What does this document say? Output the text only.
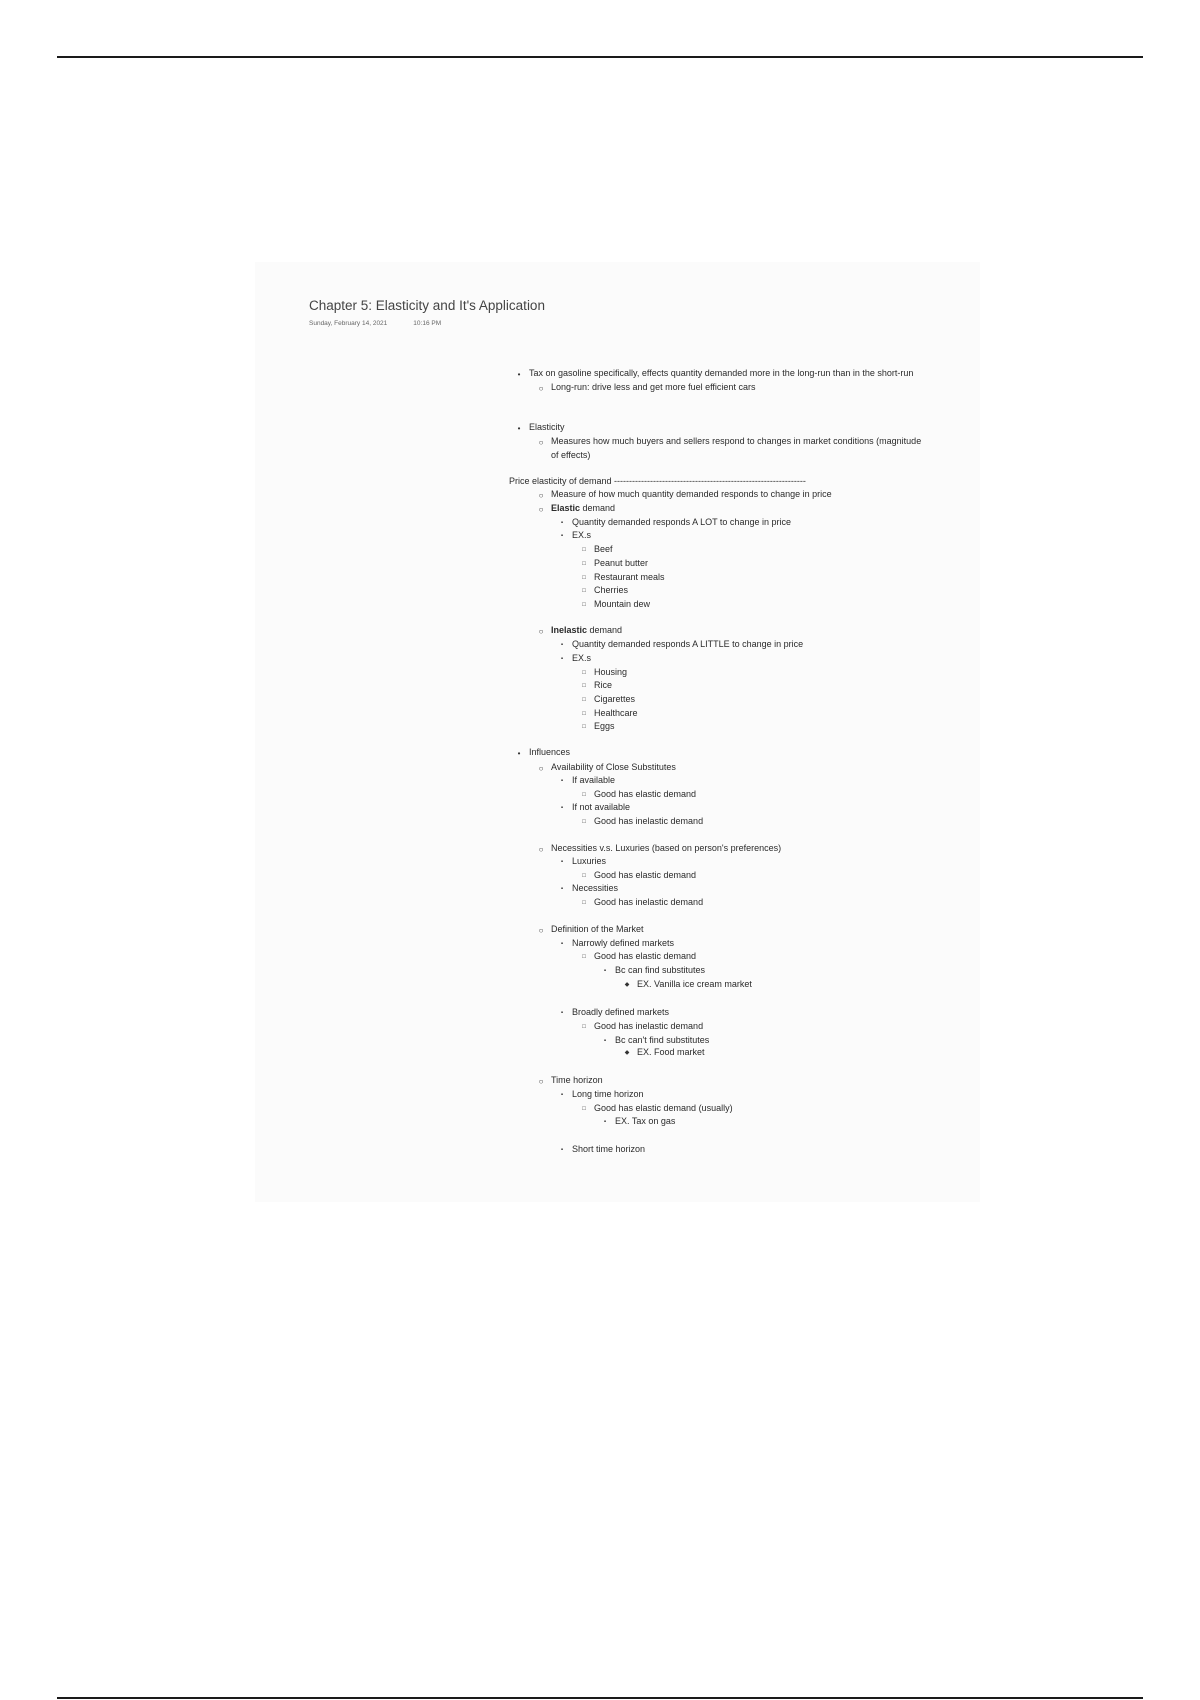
Chapter 5: Elasticity and It's Application
Sunday, February 14, 2021	10:16 PM
• Tax on gasoline specifically, effects quantity demanded more in the long-run than in the short-run
○ Long-run: drive less and get more fuel efficient cars
• Elasticity
○ Measures how much buyers and sellers respond to changes in market conditions (magnitude
of effects)
Price elasticity of demand ----------------------------------------------------------------
○ Measure of how much quantity demanded responds to change in price
○ Elastic demand
▪ Quantity demanded responds A LOT to change in price
▪ EX.s
□ Beef
□ Peanut butter
□ Restaurant meals
□ Cherries
□ Mountain dew
○ Inelastic demand
▪ Quantity demanded responds A LITTLE to change in price
▪ EX.s
□ Housing
□ Rice
□ Cigarettes
□ Healthcare
□ Eggs
• Influences
○ Availability of Close Substitutes
▪ If available
□ Good has elastic demand
▪ If not available
□ Good has inelastic demand
○ Necessities v.s. Luxuries (based on person's preferences)
▪ Luxuries
□ Good has elastic demand
▪ Necessities
□ Good has inelastic demand
○ Definition of the Market
▪ Narrowly defined markets
□ Good has elastic demand
▪ Bc can find substitutes
◆ EX. Vanilla ice cream market
▪ Broadly defined markets
□ Good has inelastic demand
▪ Bc can't find substitutes
◆ EX. Food market
○ Time horizon
▪ Long time horizon
□ Good has elastic demand (usually)
▪ EX. Tax on gas
▪ Short time horizon
